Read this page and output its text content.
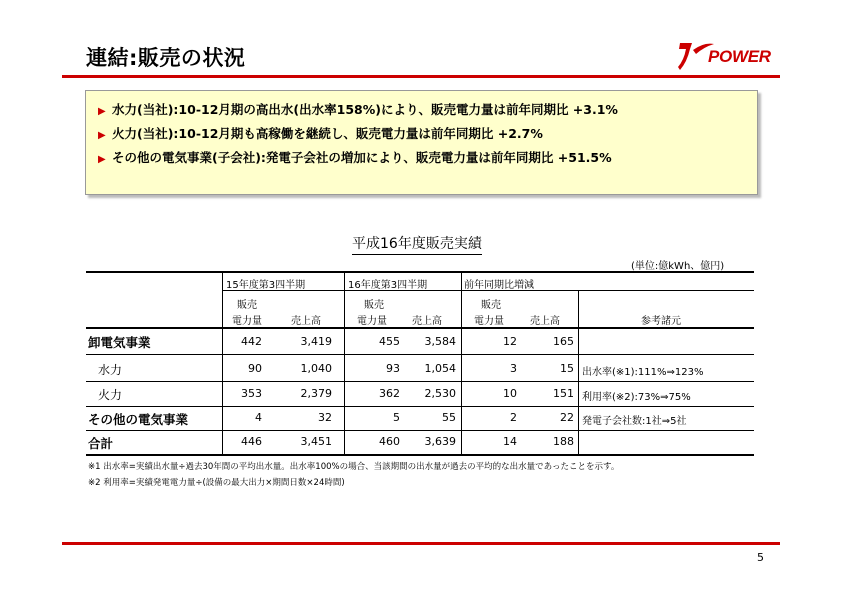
連結:販売の状況	POWER
▶ 水力(当社):10-12月期の高出水(出水率158%)により、販売電力量は前年同期比 +3.1%
▶ 火力(当社):10-12月期も高稼働を継続し、販売電力量は前年同期比 +2.7%
▶ その他の電気事業(子会社):発電子会社の増加により、販売電力量は前年同期比 +51.5%
平成16年度販売実績
(単位:億kWh、億円)
15年度第3四半期	16年度第3四半期	前年同期比増減
販売
電力量	売上高
販売
電力量	売上高
販売
電力量	売上高	参考諸元
卸電気事業	442	3,419	455	3,584	12	165
水力	90	1,040	93	1,054	3	15 出水率(※1):111%⇒123%
火力	353	2,379	362	2,530	10	151 利用率(※2):73%⇒75%
その他の電気事業	4	32	5	55	2	22 発電子会社数:1社⇒5社
合計	446	3,451	460	3,639	14	188
※1 出水率=実績出水量÷過去30年間の平均出水量。出水率100%の場合、当該期間の出水量が過去の平均的な出水量であったことを示す。
※2 利用率=実績発電電力量÷(設備の最大出力×期間日数×24時間)
5
